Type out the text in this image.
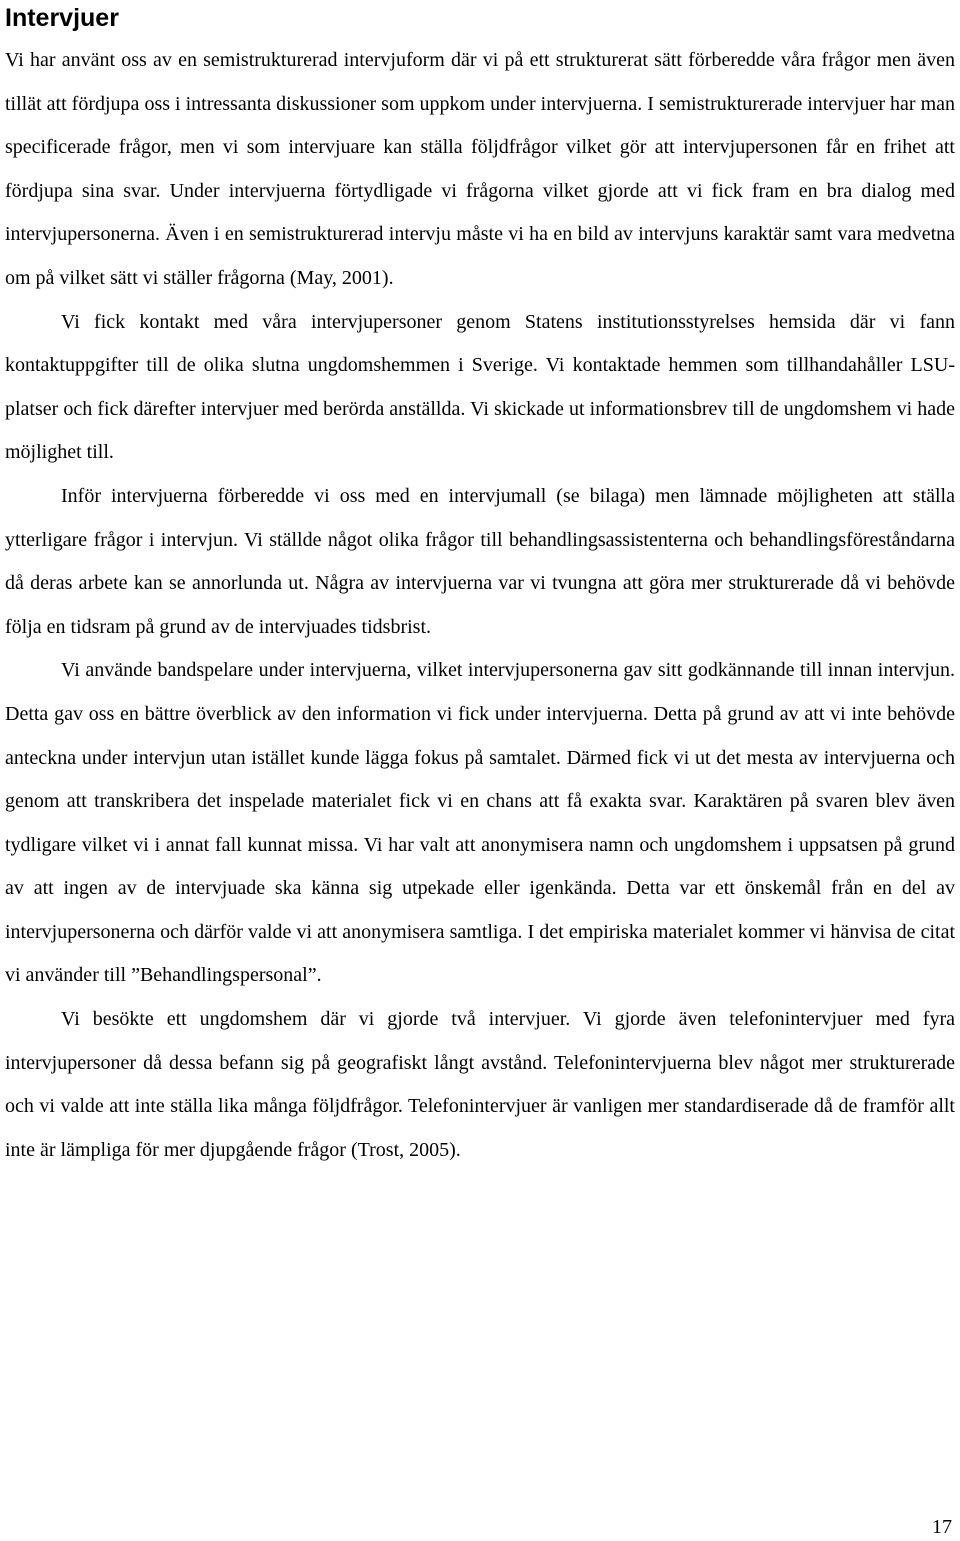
Intervjuer

Vi har använt oss av en semistrukturerad intervjuform där vi på ett strukturerat sätt förberedde våra frågor men även tillät att fördjupa oss i intressanta diskussioner som uppkom under intervjuerna. I semistrukturerade intervjuer har man specificerade frågor, men vi som intervjuare kan ställa följdfrågor vilket gör att intervjupersonen får en frihet att fördjupa sina svar. Under intervjuerna förtydligade vi frågorna vilket gjorde att vi fick fram en bra dialog med intervjupersonerna. Även i en semistrukturerad intervju måste vi ha en bild av intervjuns karaktär samt vara medvetna om på vilket sätt vi ställer frågorna (May, 2001).

Vi fick kontakt med våra intervjupersoner genom Statens institutionsstyrelses hemsida där vi fann kontaktuppgifter till de olika slutna ungdomshemmen i Sverige. Vi kontaktade hemmen som tillhandahåller LSU-platser och fick därefter intervjuer med berörda anställda. Vi skickade ut informationsbrev till de ungdomshem vi hade möjlighet till.

Inför intervjuerna förberedde vi oss med en intervjumall (se bilaga) men lämnade möjligheten att ställa ytterligare frågor i intervjun. Vi ställde något olika frågor till behandlingsassistenterna och behandlingsföreståndarna då deras arbete kan se annorlunda ut. Några av intervjuerna var vi tvungna att göra mer strukturerade då vi behövde följa en tidsram på grund av de intervjuades tidsbrist.

Vi använde bandspelare under intervjuerna, vilket intervjupersonerna gav sitt godkännande till innan intervjun. Detta gav oss en bättre överblick av den information vi fick under intervjuerna. Detta på grund av att vi inte behövde anteckna under intervjun utan istället kunde lägga fokus på samtalet. Därmed fick vi ut det mesta av intervjuerna och genom att transkribera det inspelade materialet fick vi en chans att få exakta svar. Karaktären på svaren blev även tydligare vilket vi i annat fall kunnat missa. Vi har valt att anonymisera namn och ungdomshem i uppsatsen på grund av att ingen av de intervjuade ska känna sig utpekade eller igenkända. Detta var ett önskemål från en del av intervjupersonerna och därför valde vi att anonymisera samtliga. I det empiriska materialet kommer vi hänvisa de citat vi använder till ”Behandlingspersonal”.

Vi besökte ett ungdomshem där vi gjorde två intervjuer. Vi gjorde även telefonintervjuer med fyra intervjupersoner då dessa befann sig på geografiskt långt avstånd. Telefonintervjuerna blev något mer strukturerade och vi valde att inte ställa lika många följdfrågor. Telefonintervjuer är vanligen mer standardiserade då de framför allt inte är lämpliga för mer djupgående frågor (Trost, 2005).

17
